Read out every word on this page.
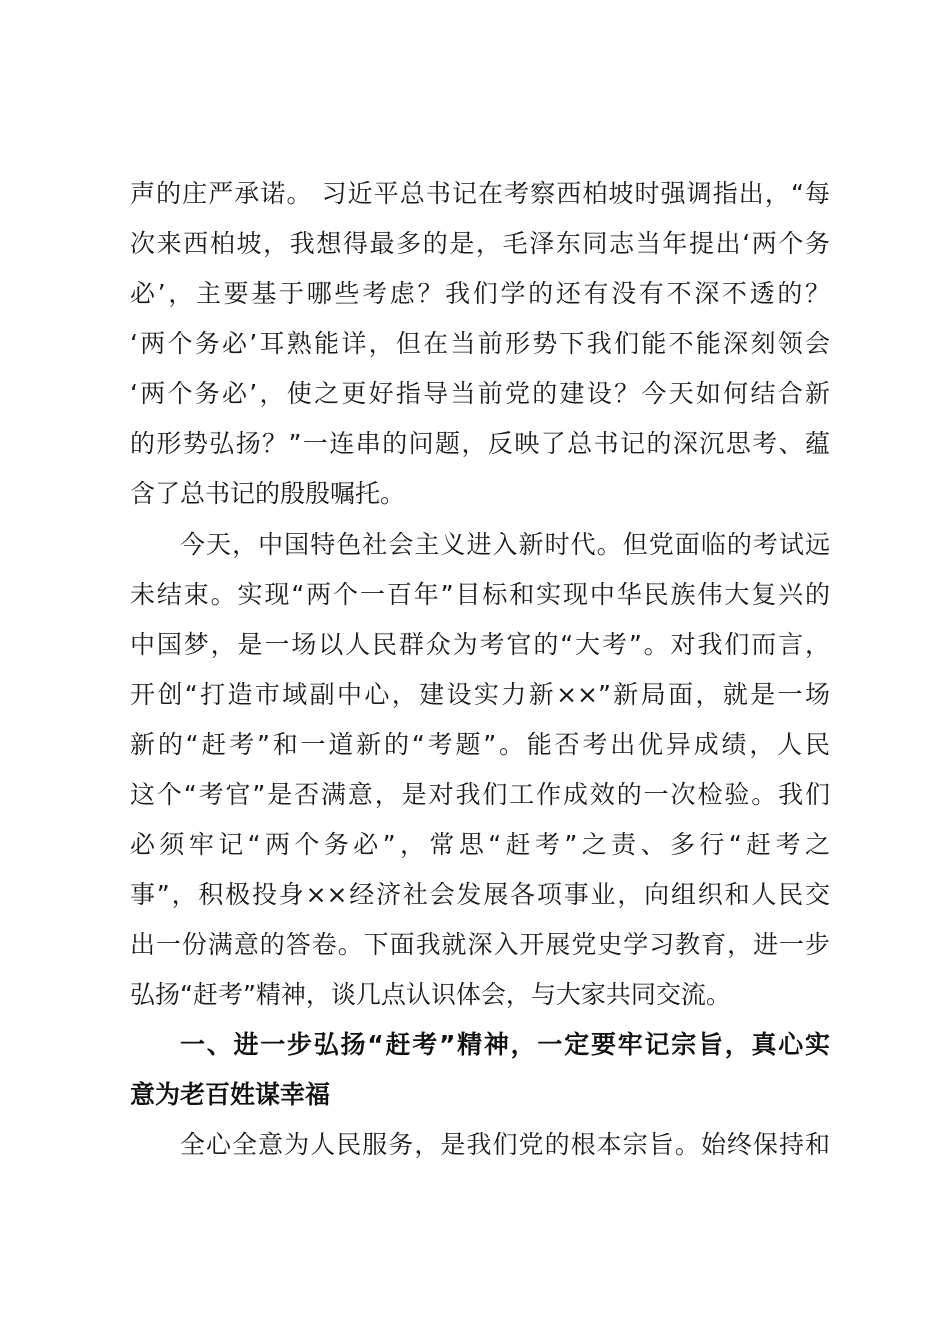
声的庄严承诺。 习近平总书记在考察西柏坡时强调指出，“每
次来西柏坡，我想得最多的是，毛泽东同志当年提出‘两个务
必’，主要基于哪些考虑？我们学的还有没有不深不透的？
‘两个务必’耳熟能详，但在当前形势下我们能不能深刻领会
‘两个务必’，使之更好指导当前党的建设？今天如何结合新
的形势弘扬？”一连串的问题，反映了总书记的深沉思考、蕴
含了总书记的殷殷嘱托。
今天，中国特色社会主义进入新时代。但党面临的考试远
未结束。实现“两个一百年”目标和实现中华民族伟大复兴的
中国梦，是一场以人民群众为考官的“大考”。对我们而言，
开创“打造市域副中心，建设实力新××”新局面，就是一场
新的“赶考”和一道新的“考题”。能否考出优异成绩，人民
这个“考官”是否满意，是对我们工作成效的一次检验。我们
必须牢记“两个务必”，常思“赶考”之责、多行“赶考之
事”，积极投身××经济社会发展各项事业，向组织和人民交
出一份满意的答卷。下面我就深入开展党史学习教育，进一步
弘扬“赶考”精神，谈几点认识体会，与大家共同交流。
一、进一步弘扬“赶考”精神，一定要牢记宗旨，真心实
意为老百姓谋幸福
全心全意为人民服务，是我们党的根本宗旨。始终保持和
